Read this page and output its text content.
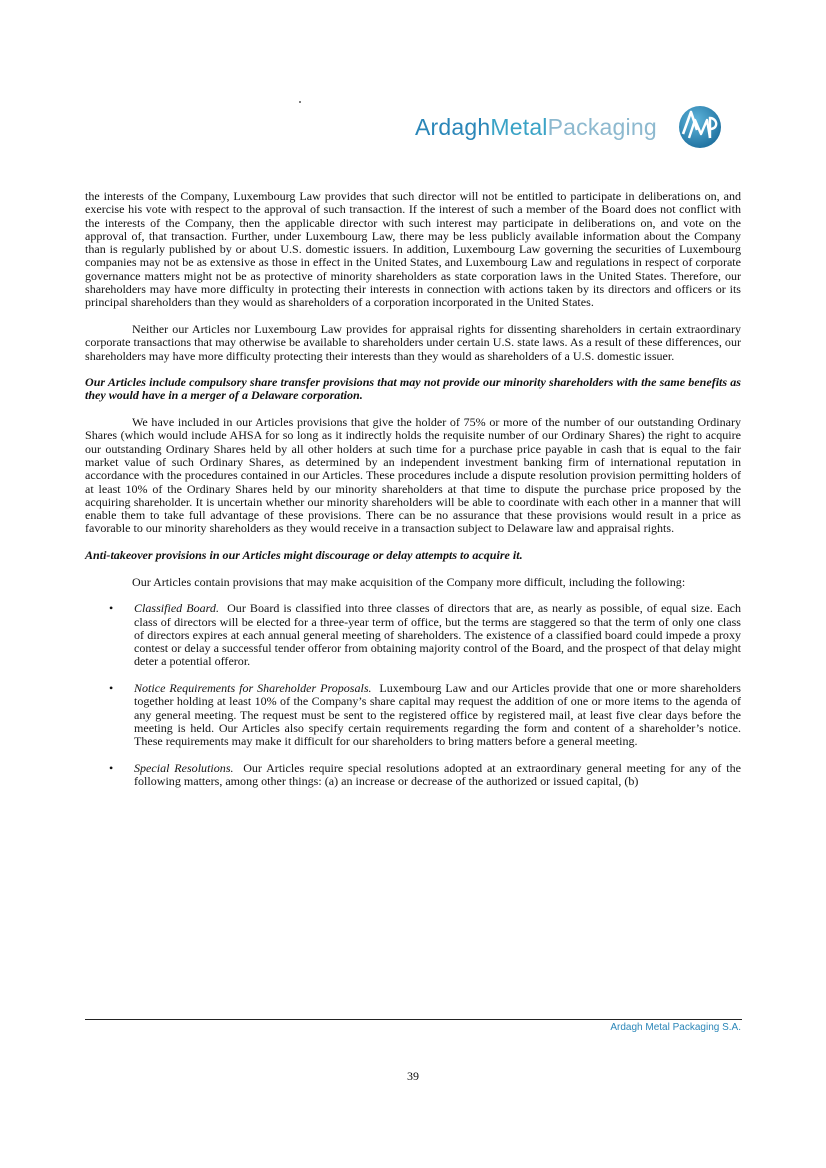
ArdaghMetalPackaging

the interests of the Company, Luxembourg Law provides that such director will not be entitled to participate in deliberations on, and exercise his vote with respect to the approval of such transaction. If the interest of such a member of the Board does not conflict with the interests of the Company, then the applicable director with such interest may participate in deliberations on, and vote on the approval of, that transaction. Further, under Luxembourg Law, there may be less publicly available information about the Company than is regularly published by or about U.S. domestic issuers. In addition, Luxembourg Law governing the securities of Luxembourg companies may not be as extensive as those in effect in the United States, and Luxembourg Law and regulations in respect of corporate governance matters might not be as protective of minority shareholders as state corporation laws in the United States. Therefore, our shareholders may have more difficulty in protecting their interests in connection with actions taken by its directors and officers or its principal shareholders than they would as shareholders of a corporation incorporated in the United States.

Neither our Articles nor Luxembourg Law provides for appraisal rights for dissenting shareholders in certain extraordinary corporate transactions that may otherwise be available to shareholders under certain U.S. state laws. As a result of these differences, our shareholders may have more difficulty protecting their interests than they would as shareholders of a U.S. domestic issuer.

Our Articles include compulsory share transfer provisions that may not provide our minority shareholders with the same benefits as they would have in a merger of a Delaware corporation.

We have included in our Articles provisions that give the holder of 75% or more of the number of our outstanding Ordinary Shares (which would include AHSA for so long as it indirectly holds the requisite number of our Ordinary Shares) the right to acquire our outstanding Ordinary Shares held by all other holders at such time for a purchase price payable in cash that is equal to the fair market value of such Ordinary Shares, as determined by an independent investment banking firm of international reputation in accordance with the procedures contained in our Articles. These procedures include a dispute resolution provision permitting holders of at least 10% of the Ordinary Shares held by our minority shareholders at that time to dispute the purchase price proposed by the acquiring shareholder. It is uncertain whether our minority shareholders will be able to coordinate with each other in a manner that will enable them to take full advantage of these provisions. There can be no assurance that these provisions would result in a price as favorable to our minority shareholders as they would receive in a transaction subject to Delaware law and appraisal rights.

Anti-takeover provisions in our Articles might discourage or delay attempts to acquire it.

Our Articles contain provisions that may make acquisition of the Company more difficult, including the following:

• Classified Board. Our Board is classified into three classes of directors that are, as nearly as possible, of equal size. Each class of directors will be elected for a three-year term of office, but the terms are staggered so that the term of only one class of directors expires at each annual general meeting of shareholders. The existence of a classified board could impede a proxy contest or delay a successful tender offeror from obtaining majority control of the Board, and the prospect of that delay might deter a potential offeror.
• Notice Requirements for Shareholder Proposals. Luxembourg Law and our Articles provide that one or more shareholders together holding at least 10% of the Company’s share capital may request the addition of one or more items to the agenda of any general meeting. The request must be sent to the registered office by registered mail, at least five clear days before the meeting is held. Our Articles also specify certain requirements regarding the form and content of a shareholder’s notice. These requirements may make it difficult for our shareholders to bring matters before a general meeting.
• Special Resolutions. Our Articles require special resolutions adopted at an extraordinary general meeting for any of the following matters, among other things: (a) an increase or decrease of the authorized or issued capital, (b)
Ardagh Metal Packaging S.A.
39
